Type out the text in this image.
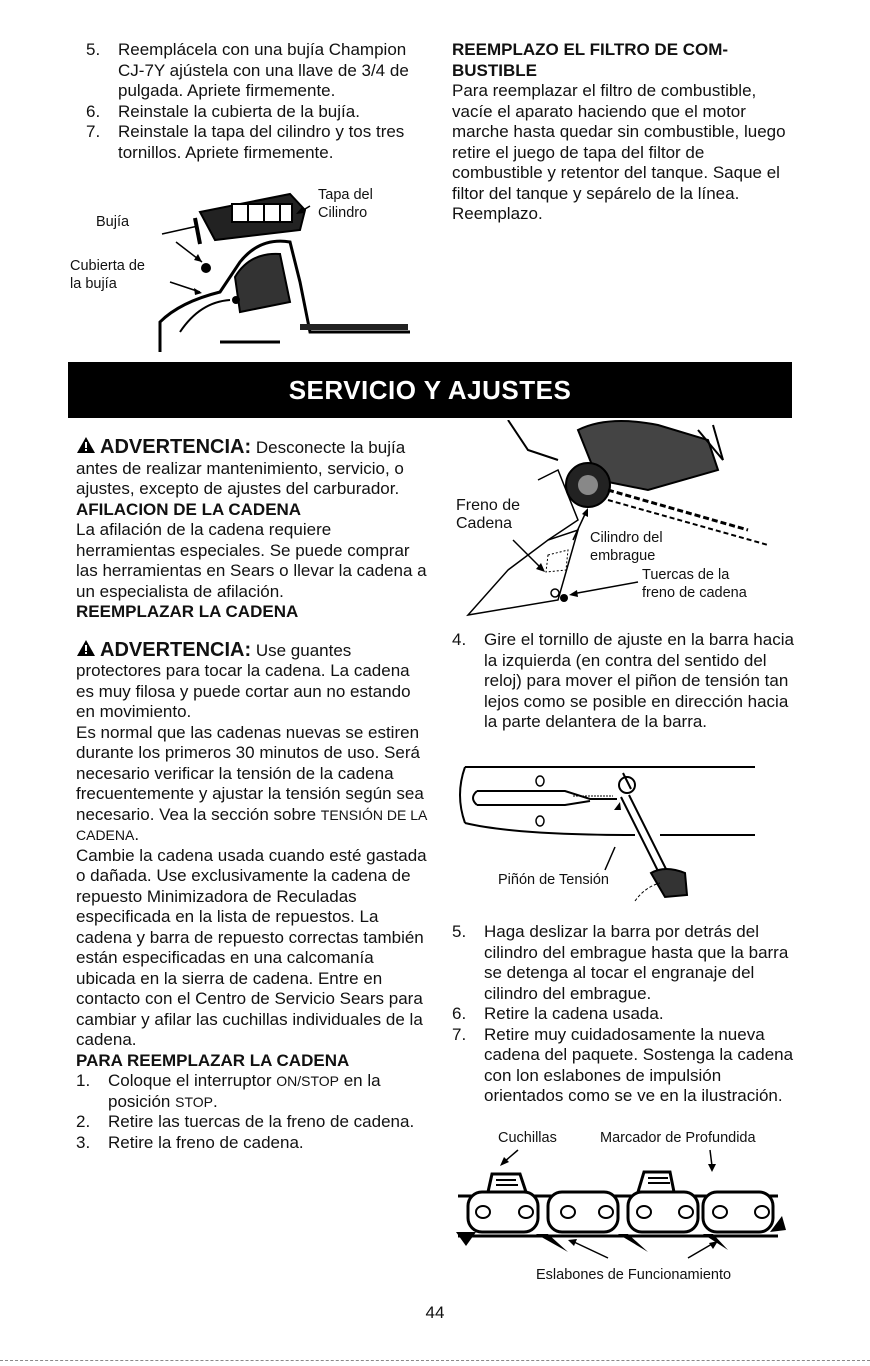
5. Reemplácela con una bujía Champion CJ-7Y ajústela con una llave de 3/4 de pulgada. Apriete firmemente.
6. Reinstale la cubierta de la bujía.
7. Reinstale la tapa del cilindro y tos tres tornillos. Apriete firmemente.
Bujía
Tapa del
Cilindro
Cubierta de
la bujía

REEMPLAZO EL FILTRO DE COM-

BUSTIBLE

Para reemplazar el filtro de combustible, vacíe el aparato haciendo que el motor marche hasta quedar sin combustible, luego retire el juego de tapa del filtor de combustible y retentor del tanque. Saque el filtor del tanque y sepárelo de la línea. Reemplazo.

SERVICIO Y AJUSTES

ADVERTENCIA: Desconecte la bujía antes de realizar mantenimiento, servicio, o ajustes, excepto de ajustes del carburador.

AFILACION DE LA CADENA

La afilación de la cadena requiere herramientas especiales. Se puede comprar las herramientas en Sears o llevar la cadena a un especialista de afilación.

REEMPLAZAR LA CADENA

ADVERTENCIA: Use guantes protectores para tocar la cadena. La cadena es muy filosa y puede cortar aun no estando en movimiento.

Es normal que las cadenas nuevas se estiren durante los primeros 30 minutos de uso. Será necesario verificar la tensión de la cadena frecuentemente y ajustar la tensión según sea necesario. Vea la sección sobre TENSIÓN DE LA CADENA.

Cambie la cadena usada cuando esté gastada o dañada. Use exclusivamente la cadena de repuesto Minimizadora de Reculadas especificada en la lista de repuestos. La cadena y barra de repuesto correctas también están especificadas en una calcomanía ubicada en la sierra de cadena. Entre en contacto con el Centro de Servicio Sears para cambiar y afilar las cuchillas individuales de la cadena.

PARA REEMPLAZAR LA CADENA

1. Coloque el interruptor ON/STOP en la posición STOP.
2. Retire las tuercas de la freno de cadena.
3. Retire la freno de cadena.
Freno de
Cadena
Cilindro del
embrague
Tuercas de la
freno de cadena
4. Gire el tornillo de ajuste en la barra hacia la izquierda (en contra del sentido del reloj) para mover el piñon de tensión tan lejos como se posible en dirección hacia la parte delantera de la barra.
Piñón de Tensión
5. Haga deslizar la barra por detrás del cilindro del embrague hasta que la barra se detenga al tocar el engranaje del cilindro del embrague.
6. Retire la cadena usada.
7. Retire muy cuidadosamente la nueva cadena del paquete. Sostenga la cadena con lon eslabones de impulsión orientados como se ve en la ilustración.
Cuchillas	Marcador de Profundida
Eslabones de Funcionamiento
44
